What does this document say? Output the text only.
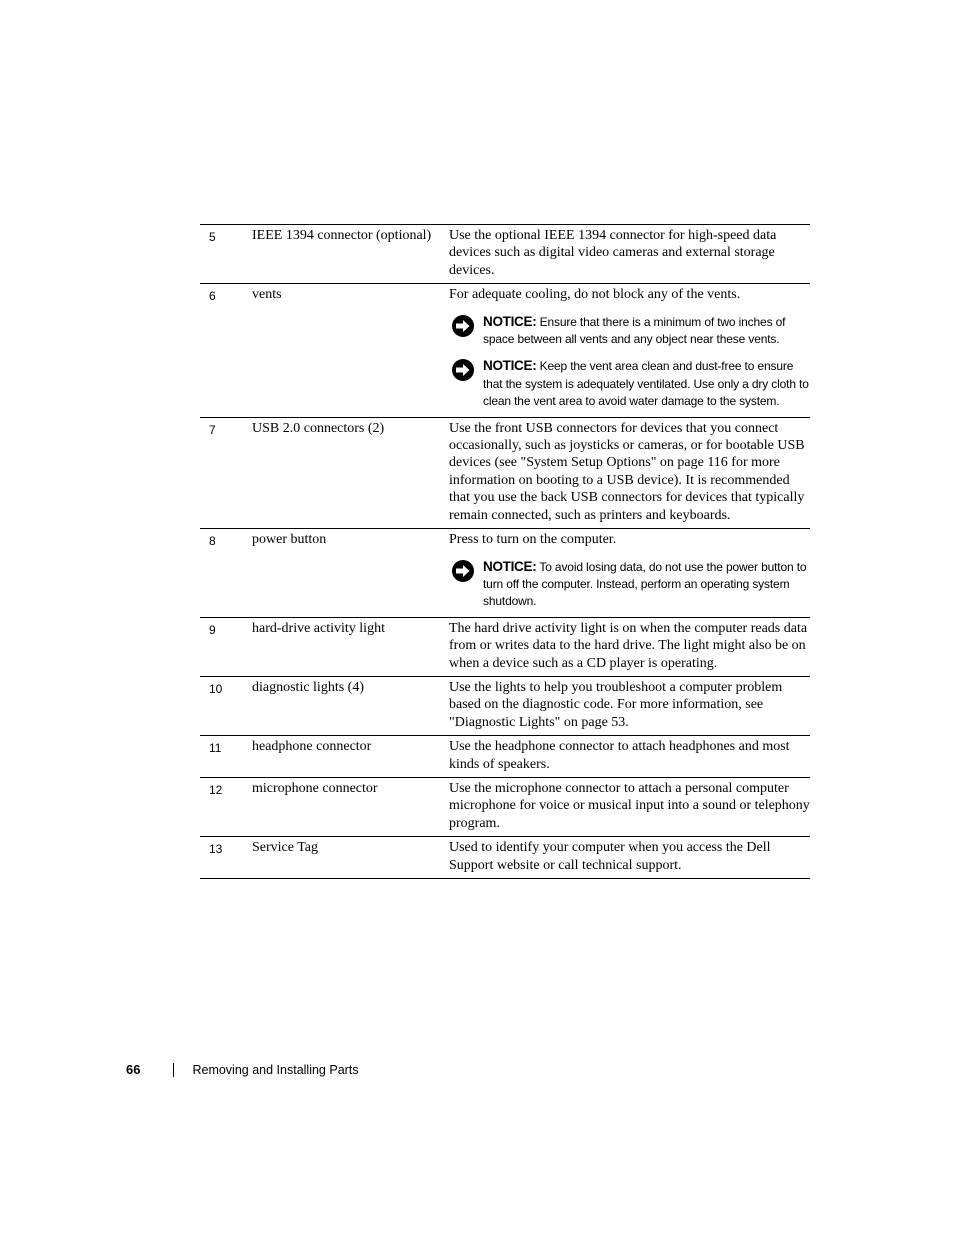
5	IEEE 1394 connector (optional)	Use the optional IEEE 1394 connector for high-speed data devices such as digital video cameras and external storage devices.

6	vents	For adequate cooling, do not block any of the vents.
NOTICE: Ensure that there is a minimum of two inches of space between all vents and any object near these vents.
NOTICE: Keep the vent area clean and dust-free to ensure that the system is adequately ventilated. Use only a dry cloth to clean the vent area to avoid water damage to the system.

7	USB 2.0 connectors (2)	Use the front USB connectors for devices that you connect occasionally, such as joysticks or cameras, or for bootable USB devices (see "System Setup Options" on page 116 for more information on booting to a USB device). It is recommended that you use the back USB connectors for devices that typically remain connected, such as printers and keyboards.

8	power button	Press to turn on the computer.
NOTICE: To avoid losing data, do not use the power button to turn off the computer. Instead, perform an operating system shutdown.

9	hard-drive activity light	The hard drive activity light is on when the computer reads data from or writes data to the hard drive. The light might also be on when a device such as a CD player is operating.

10	diagnostic lights (4)	Use the lights to help you troubleshoot a computer problem based on the diagnostic code. For more information, see "Diagnostic Lights" on page 53.

11	headphone connector	Use the headphone connector to attach headphones and most kinds of speakers.

12	microphone connector	Use the microphone connector to attach a personal computer microphone for voice or musical input into a sound or telephony program.

13	Service Tag	Used to identify your computer when you access the Dell Support website or call technical support.
66	Removing and Installing Parts
